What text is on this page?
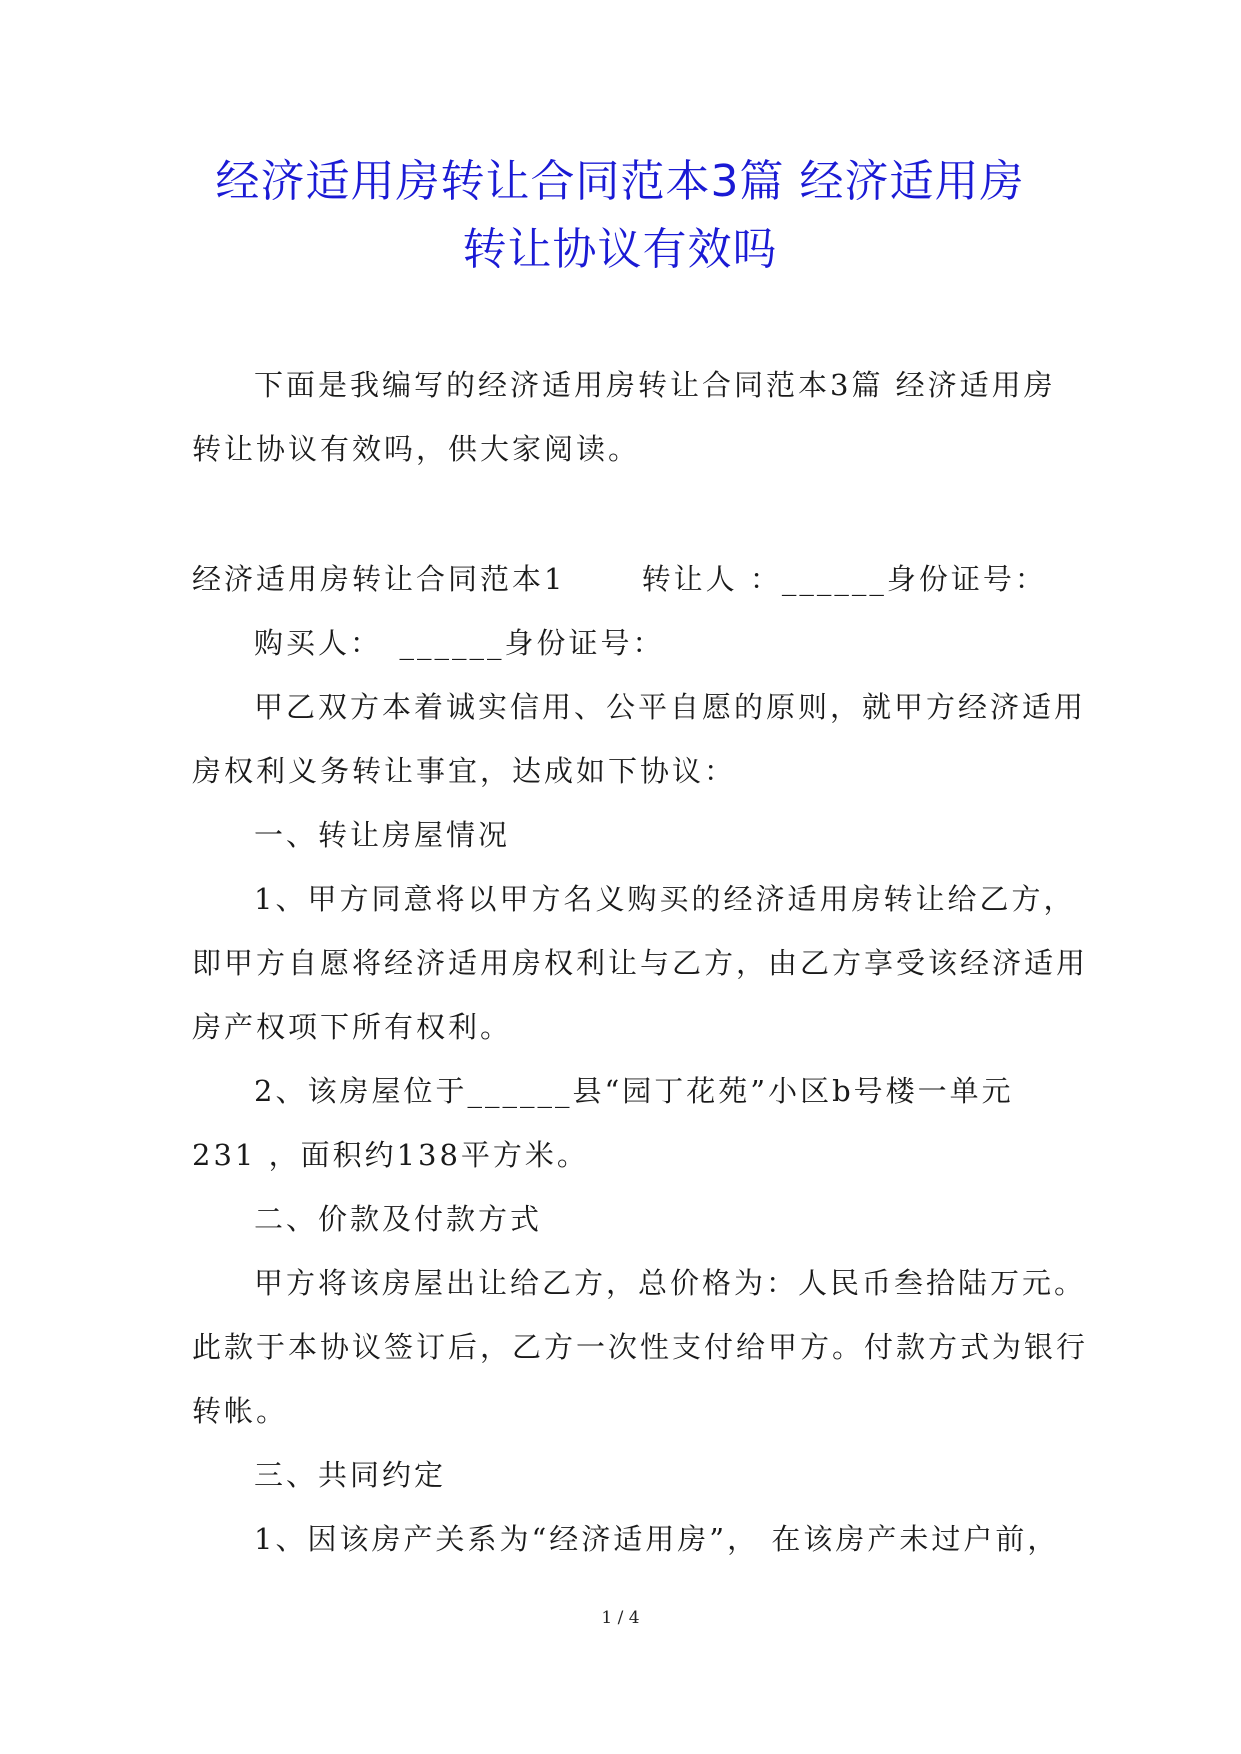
经济适用房转让合同范本3篇 经济适用房
转让协议有效吗
下面是我编写的经济适用房转让合同范本3篇 经济适用房
转让协议有效吗，供大家阅读。
经济适用房转让合同范本1　　 转让人 ：______身份证号：
购买人：　______身份证号：
甲乙双方本着诚实信用、公平自愿的原则，就甲方经济适用
房权利义务转让事宜，达成如下协议：
一、转让房屋情况
1、甲方同意将以甲方名义购买的经济适用房转让给乙方，
即甲方自愿将经济适用房权利让与乙方，由乙方享受该经济适用
房产权项下所有权利。
2、该房屋位于______县“园丁花苑”小区b号楼一单元
231 ，面积约138平方米。
二、价款及付款方式
甲方将该房屋出让给乙方，总价格为：人民币叁拾陆万元。
此款于本协议签订后，乙方一次性支付给甲方。付款方式为银行
转帐。
三、共同约定
1、因该房产关系为“经济适用房”， 在该房产未过户前，
1 / 4
